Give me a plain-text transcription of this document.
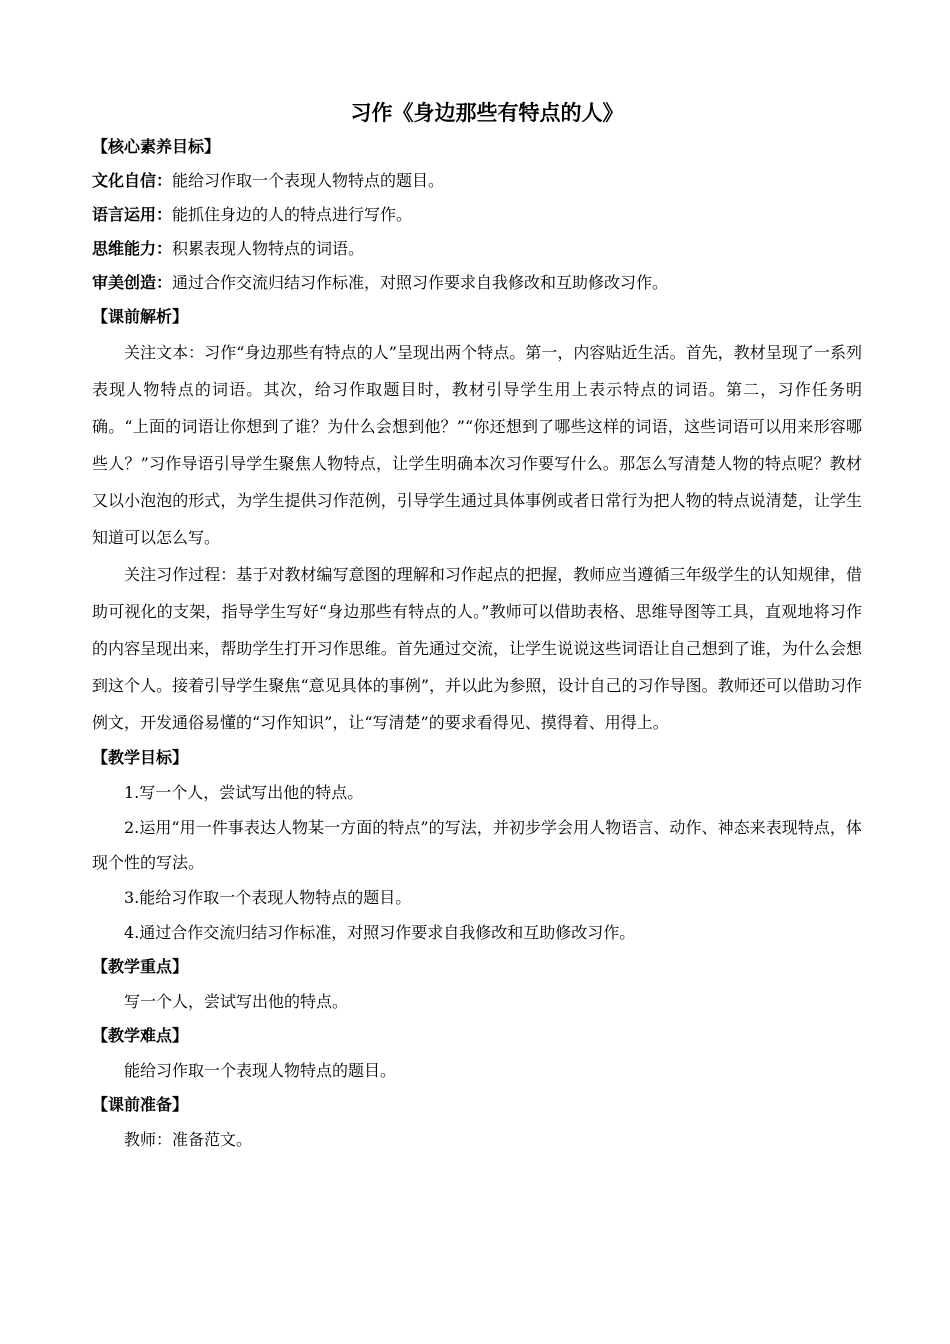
习作《身边那些有特点的人》
【核心素养目标】
文化自信：能给习作取一个表现人物特点的题目。
语言运用：能抓住身边的人的特点进行写作。
思维能力：积累表现人物特点的词语。
审美创造：通过合作交流归结习作标准，对照习作要求自我修改和互助修改习作。
【课前解析】

关注文本：习作“身边那些有特点的人”呈现出两个特点。第一，内容贴近生活。首先，教材呈现了一系列表现人物特点的词语。其次，给习作取题目时，教材引导学生用上表示特点的词语。第二，习作任务明确。“上面的词语让你想到了谁？为什么会想到他？”“你还想到了哪些这样的词语，这些词语可以用来形容哪些人？”习作导语引导学生聚焦人物特点，让学生明确本次习作要写什么。那怎么写清楚人物的特点呢？教材又以小泡泡的形式，为学生提供习作范例，引导学生通过具体事例或者日常行为把人物的特点说清楚，让学生知道可以怎么写。

关注习作过程：基于对教材编写意图的理解和习作起点的把握，教师应当遵循三年级学生的认知规律，借助可视化的支架，指导学生写好“身边那些有特点的人。”教师可以借助表格、思维导图等工具，直观地将习作的内容呈现出来，帮助学生打开习作思维。首先通过交流，让学生说说这些词语让自己想到了谁，为什么会想到这个人。接着引导学生聚焦“意见具体的事例”，并以此为参照，设计自己的习作导图。教师还可以借助习作例文，开发通俗易懂的“习作知识”，让“写清楚”的要求看得见、摸得着、用得上。

【教学目标】

1.写一个人，尝试写出他的特点。

2.运用“用一件事表达人物某一方面的特点”的写法，并初步学会用人物语言、动作、神态来表现特点，体现个性的写法。

3.能给习作取一个表现人物特点的题目。

4.通过合作交流归结习作标准，对照习作要求自我修改和互助修改习作。

【教学重点】

写一个人，尝试写出他的特点。

【教学难点】

能给习作取一个表现人物特点的题目。

【课前准备】

教师：准备范文。
